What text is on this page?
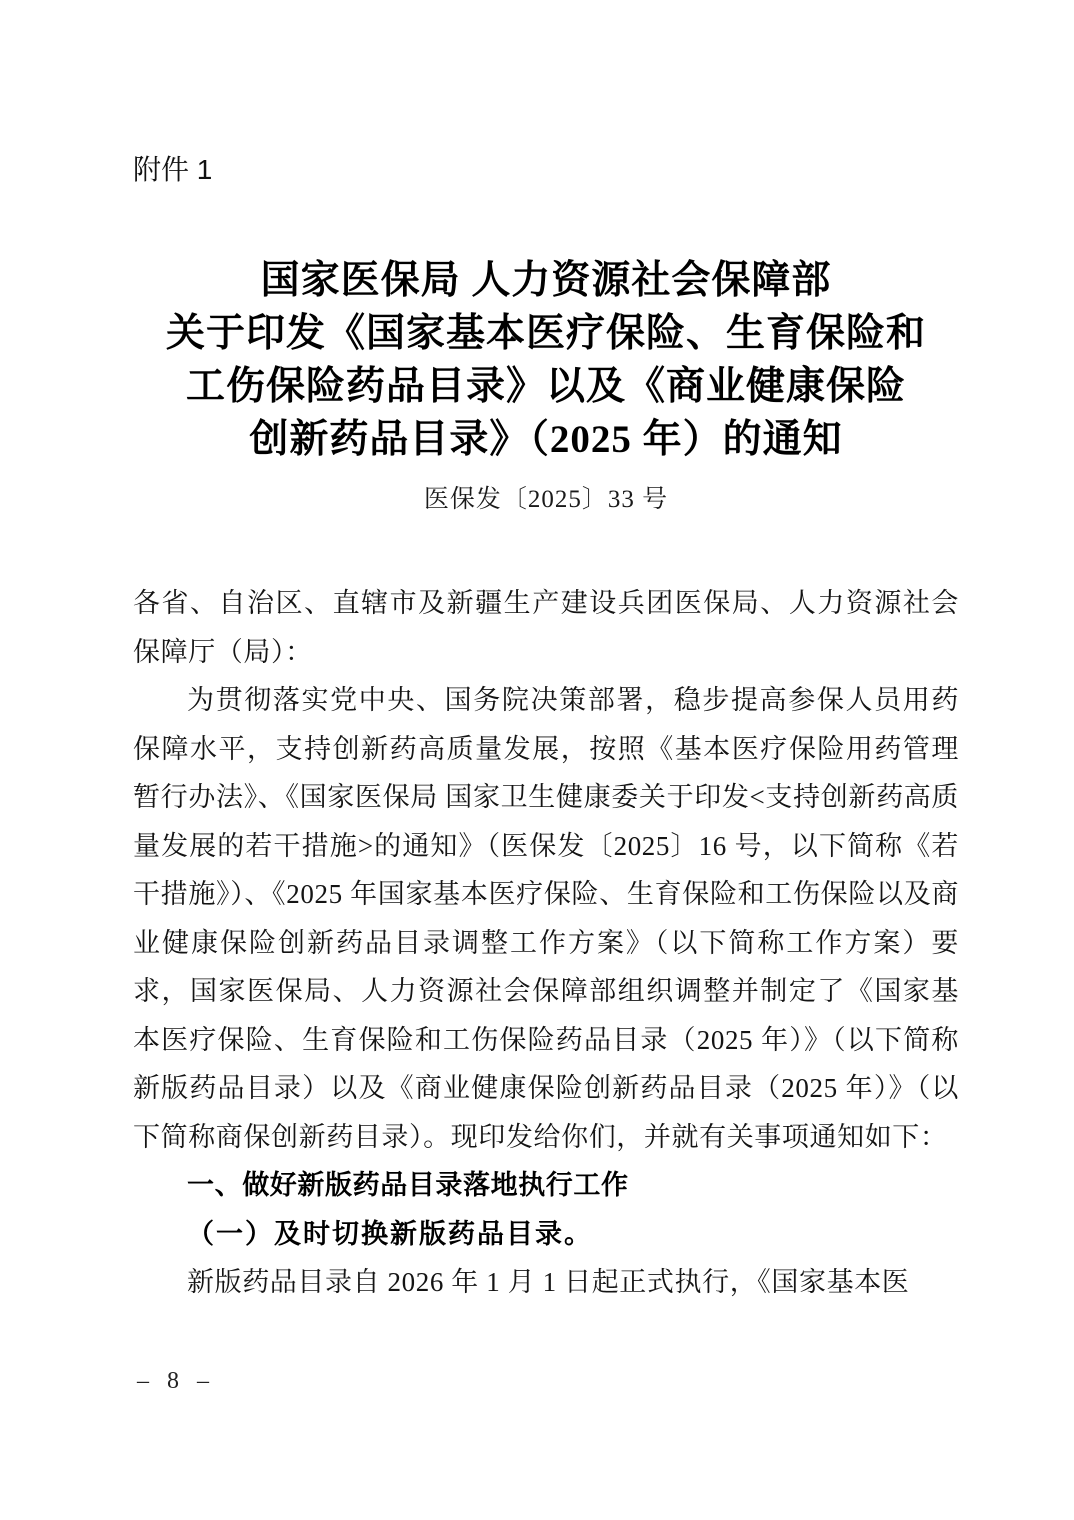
附件 1
国家医保局 人力资源社会保障部
关于印发《国家基本医疗保险、生育保险和
工伤保险药品目录》以及《商业健康保险
创新药品目录》（2025 年）的通知
医保发〔2025〕33 号

各省、自治区、直辖市及新疆生产建设兵团医保局、人力资源社会保障厅（局）：

为贯彻落实党中央、国务院决策部署，稳步提高参保人员用药保障水平，支持创新药高质量发展，按照《基本医疗保险用药管理暂行办法》、《国家医保局 国家卫生健康委关于印发<支持创新药高质量发展的若干措施>的通知》（医保发〔2025〕16 号，以下简称《若干措施》）、《2025 年国家基本医疗保险、生育保险和工伤保险以及商业健康保险创新药品目录调整工作方案》（以下简称工作方案）要求，国家医保局、人力资源社会保障部组织调整并制定了《国家基本医疗保险、生育保险和工伤保险药品目录（2025 年）》（以下简称新版药品目录）以及《商业健康保险创新药品目录（2025 年）》（以下简称商保创新药目录）。现印发给你们，并就有关事项通知如下：

一、做好新版药品目录落地执行工作

（一）及时切换新版药品目录。

新版药品目录自 2026 年 1 月 1 日起正式执行，《国家基本医

– 8 –
